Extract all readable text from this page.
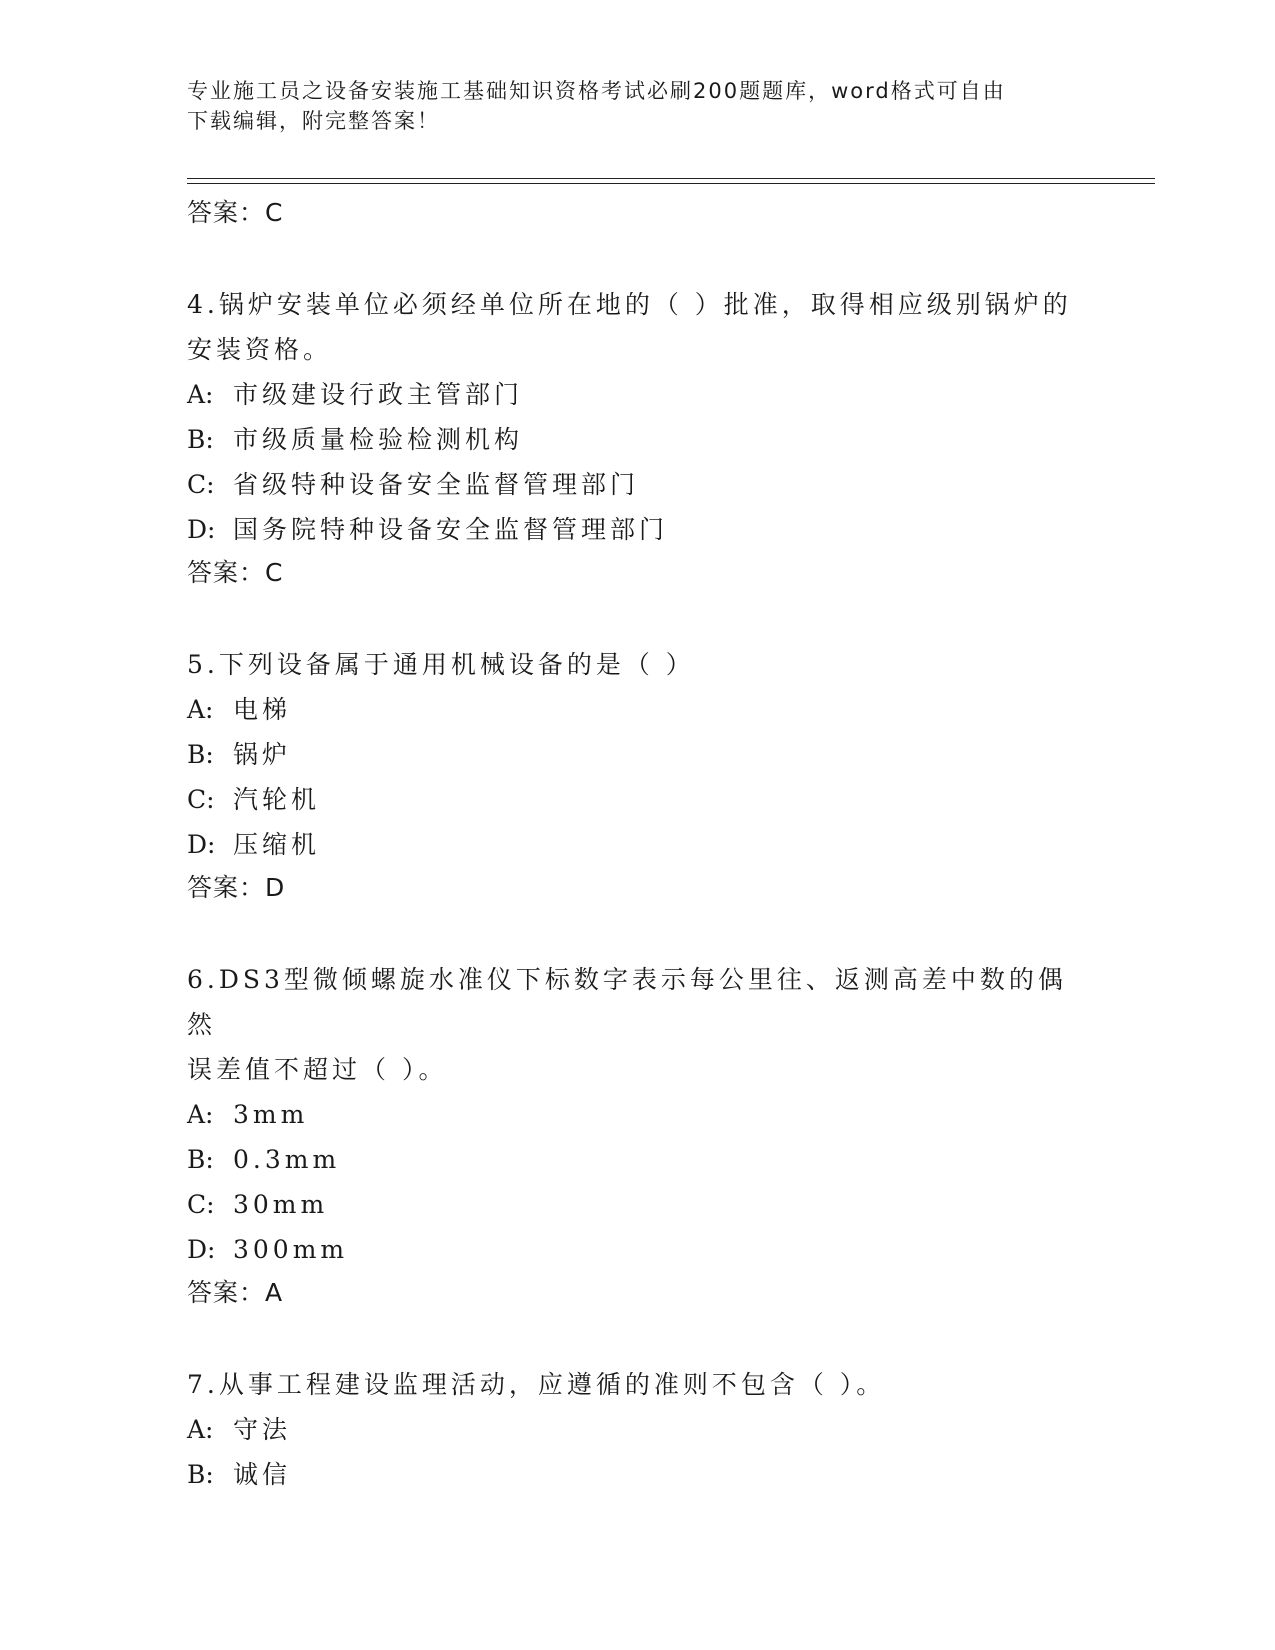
专业施工员之设备安装施工基础知识资格考试必刷200题题库，word格式可自由
下载编辑，附完整答案！
答案：C
4.锅炉安装单位必须经单位所在地的（ ）批准，取得相应级别锅炉的
安装资格。
A: 市级建设行政主管部门
B: 市级质量检验检测机构
C: 省级特种设备安全监督管理部门
D: 国务院特种设备安全监督管理部门
答案：C
5.下列设备属于通用机械设备的是（ ）
A: 电梯
B: 锅炉
C: 汽轮机
D: 压缩机
答案：D
6.DS3型微倾螺旋水准仪下标数字表示每公里往、返测高差中数的偶然
误差值不超过（ ）。
A: 3mm
B: 0.3mm
C: 30mm
D: 300mm
答案：A
7.从事工程建设监理活动，应遵循的准则不包含（ ）。
A: 守法
B: 诚信
